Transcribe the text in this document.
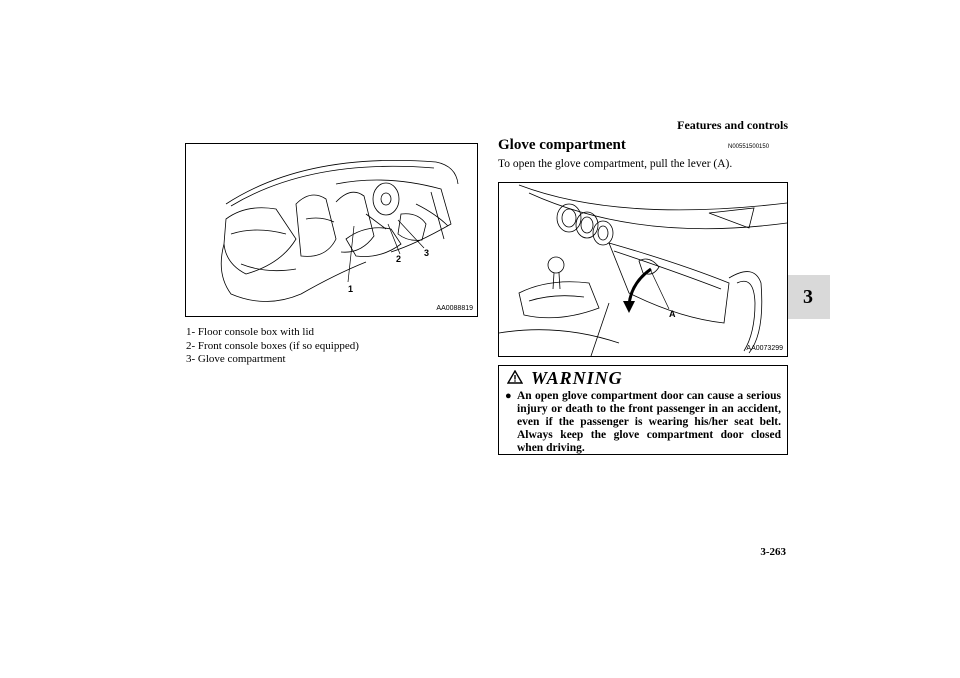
Features and controls
3
1
2
3
AA0088819
1- Floor console box with lid
2- Front console boxes (if so equipped)
3- Glove compartment
Glove compartment	N00551500150
To open the glove compartment, pull the lever (A).
A
AA0073299
WARNING
● An open glove compartment door can cause a serious injury or death to the front passenger in an accident, even if the passenger is wearing his/her seat belt. Always keep the glove compartment door closed when driving.
3-263
